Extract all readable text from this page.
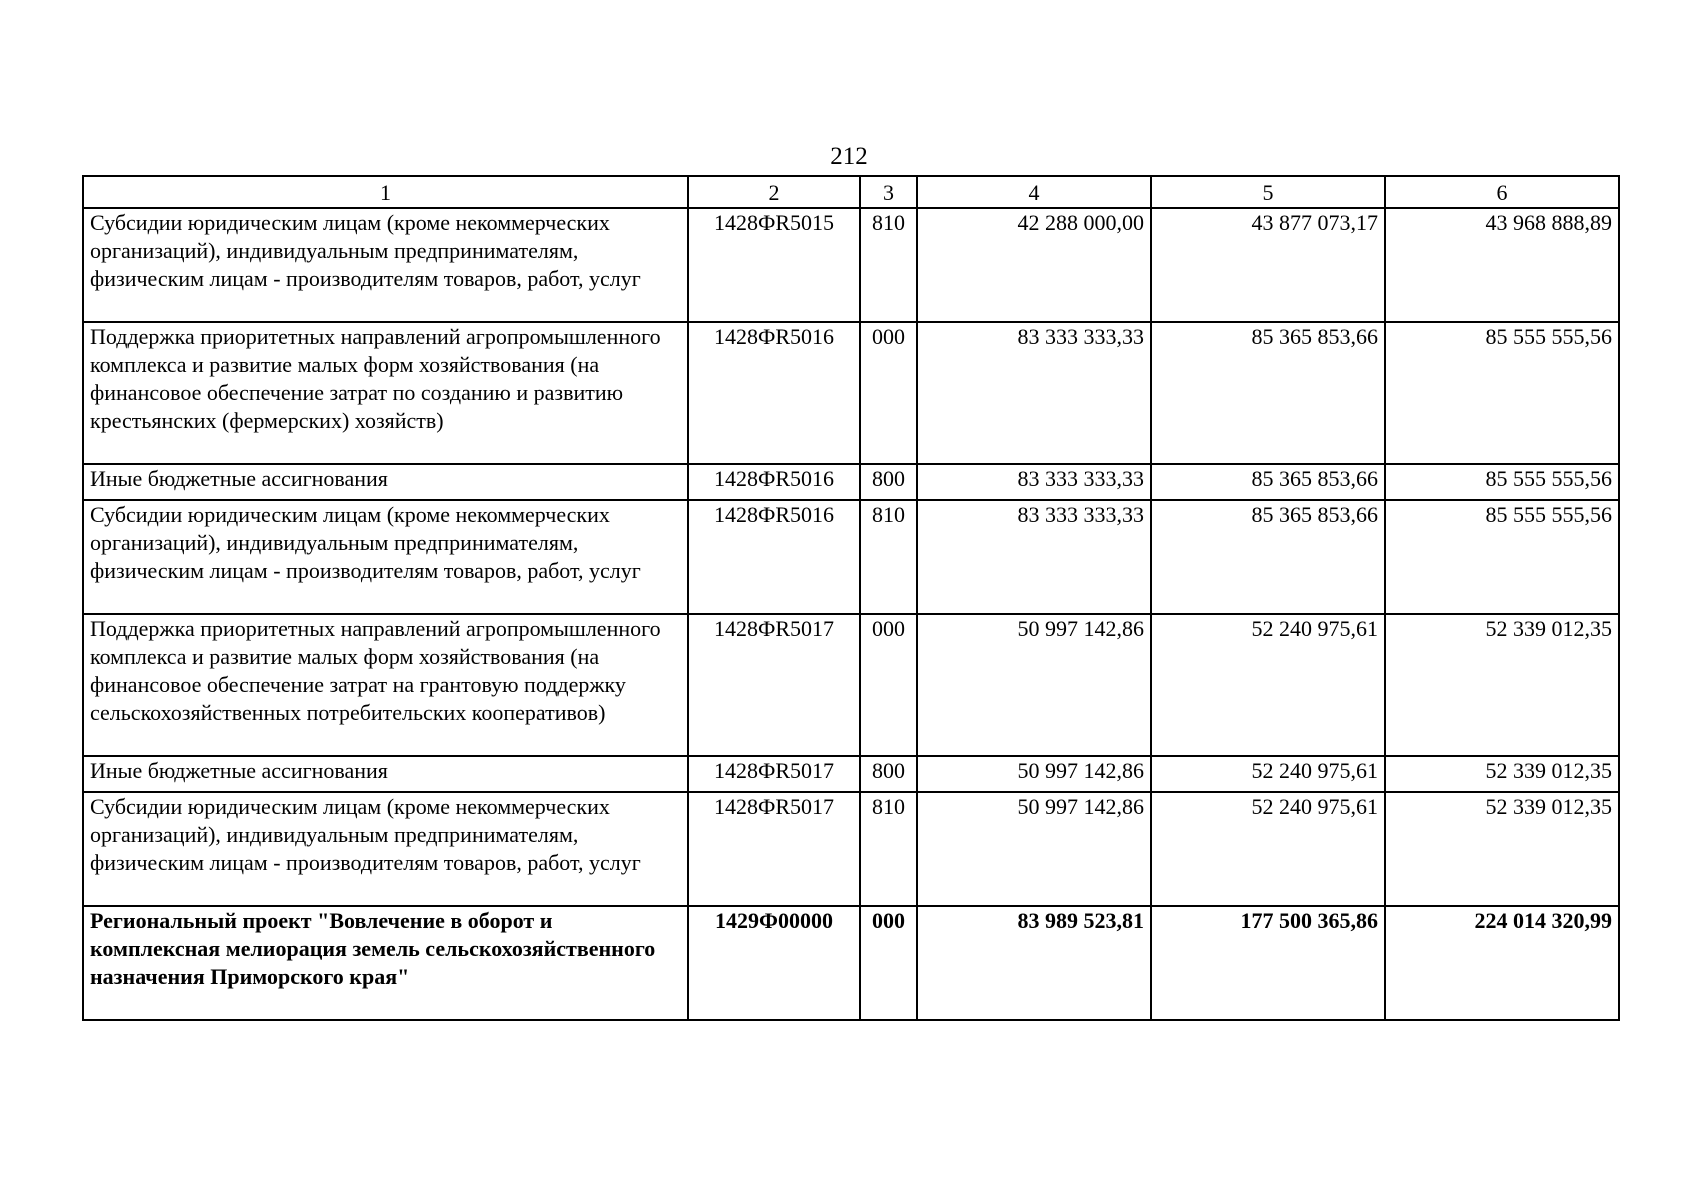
212
1	2	3	4	5	6
Субсидии юридическим лицам (кроме некоммерческих организаций), индивидуальным предпринимателям, физическим лицам - производителям товаров, работ, услуг	1428ФR5015	810	42 288 000,00	43 877 073,17	43 968 888,89
Поддержка приоритетных направлений агропромышленного комплекса и развитие малых форм хозяйствования (на финансовое обеспечение затрат по созданию и развитию крестьянских (фермерских) хозяйств)	1428ФR5016	000	83 333 333,33	85 365 853,66	85 555 555,56
Иные бюджетные ассигнования	1428ФR5016	800	83 333 333,33	85 365 853,66	85 555 555,56
Субсидии юридическим лицам (кроме некоммерческих организаций), индивидуальным предпринимателям, физическим лицам - производителям товаров, работ, услуг	1428ФR5016	810	83 333 333,33	85 365 853,66	85 555 555,56
Поддержка приоритетных направлений агропромышленного комплекса и развитие малых форм хозяйствования (на финансовое обеспечение затрат на грантовую поддержку сельскохозяйственных потребительских кооперативов)	1428ФR5017	000	50 997 142,86	52 240 975,61	52 339 012,35
Иные бюджетные ассигнования	1428ФR5017	800	50 997 142,86	52 240 975,61	52 339 012,35
Субсидии юридическим лицам (кроме некоммерческих организаций), индивидуальным предпринимателям, физическим лицам - производителям товаров, работ, услуг	1428ФR5017	810	50 997 142,86	52 240 975,61	52 339 012,35
Региональный проект "Вовлечение в оборот и комплексная мелиорация земель сельскохозяйственного назначения Приморского края"	1429Ф00000	000	83 989 523,81	177 500 365,86	224 014 320,99
